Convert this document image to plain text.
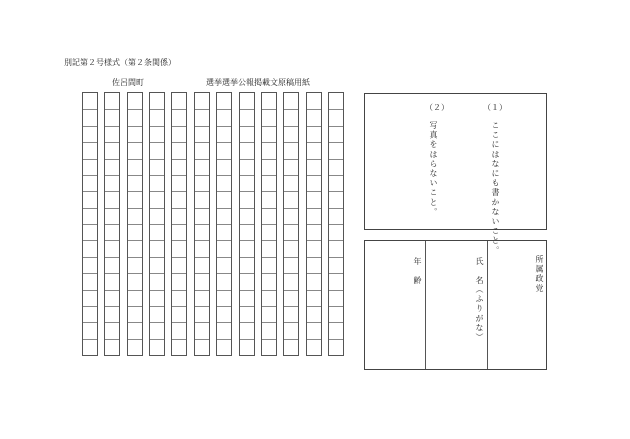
別記第２号様式（第２条関係）
佐呂間町	選挙選挙公報掲載文原稿用紙
（１）
ここにはなにも書かないこと。
（２）
写真をはらないこと。
所属政党
氏　名
（ふりがな）
年　齢
